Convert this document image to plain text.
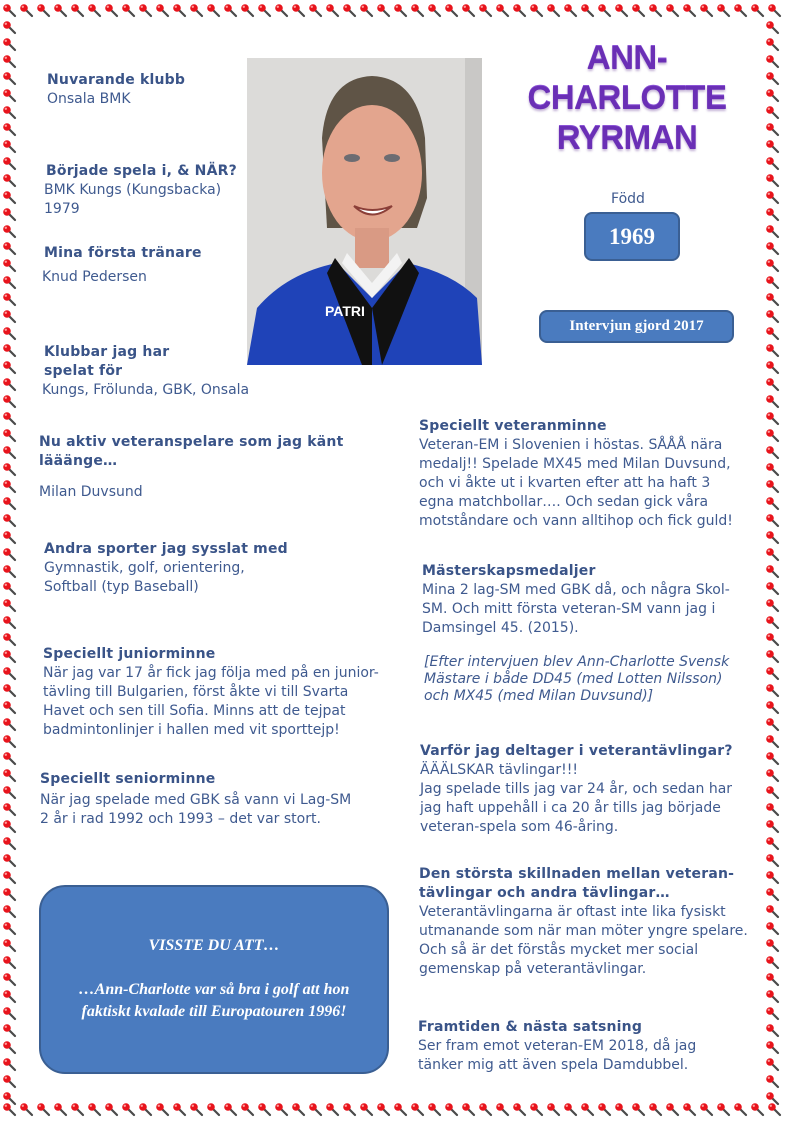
ANN-CHARLOTTE
RYRMAN
PATRI
Född
1969
Intervjun gjord 2017
Nuvarande klubb
Onsala BMK
Började spela i, & NÄR?
BMK Kungs (Kungsbacka)
1979
Mina första tränare
Knud Pedersen
Klubbar jag har
spelat för
Kungs, Frölunda, GBK, Onsala
Nu aktiv veteranspelare som jag känt
lääänge…
Milan Duvsund
Andra sporter jag sysslat med
Gymnastik, golf, orientering,
Softball (typ Baseball)
Speciellt juniorminne
När jag var 17 år fick jag följa med på en junior-
tävling till Bulgarien, först åkte vi till Svarta
Havet och sen till Sofia. Minns att de tejpat
badmintonlinjer i hallen med vit sporttejp!
Speciellt seniorminne
När jag spelade med GBK så vann vi Lag-SM
2 år i rad 1992 och 1993 – det var stort.
VISSTE DU ATT…
…Ann-Charlotte var så bra i golf att hon
faktiskt kvalade till Europatouren 1996!
Speciellt veteranminne
Veteran-EM i Slovenien i höstas. SÅÅÅ nära
medalj!! Spelade MX45 med Milan Duvsund,
och vi åkte ut i kvarten efter att ha haft 3
egna matchbollar…. Och sedan gick våra
motståndare och vann alltihop och fick guld!
Mästerskapsmedaljer
Mina 2 lag-SM med GBK då, och några Skol-
SM. Och mitt första veteran-SM vann jag i
Damsingel 45. (2015).
[Efter intervjuen blev Ann-Charlotte Svensk
Mästare i både DD45 (med Lotten Nilsson)
och MX45 (med Milan Duvsund)]
Varför jag deltager i veterantävlingar?
ÄÄÄLSKAR tävlingar!!!
Jag spelade tills jag var 24 år, och sedan har
jag haft uppehåll i ca 20 år tills jag började
veteran-spela som 46-åring.
Den största skillnaden mellan veteran-
tävlingar och andra tävlingar…
Veterantävlingarna är oftast inte lika fysiskt
utmanande som när man möter yngre spelare.
Och så är det förstås mycket mer social
gemenskap på veterantävlingar.
Framtiden & nästa satsning
Ser fram emot veteran-EM 2018, då jag
tänker mig att även spela Damdubbel.
